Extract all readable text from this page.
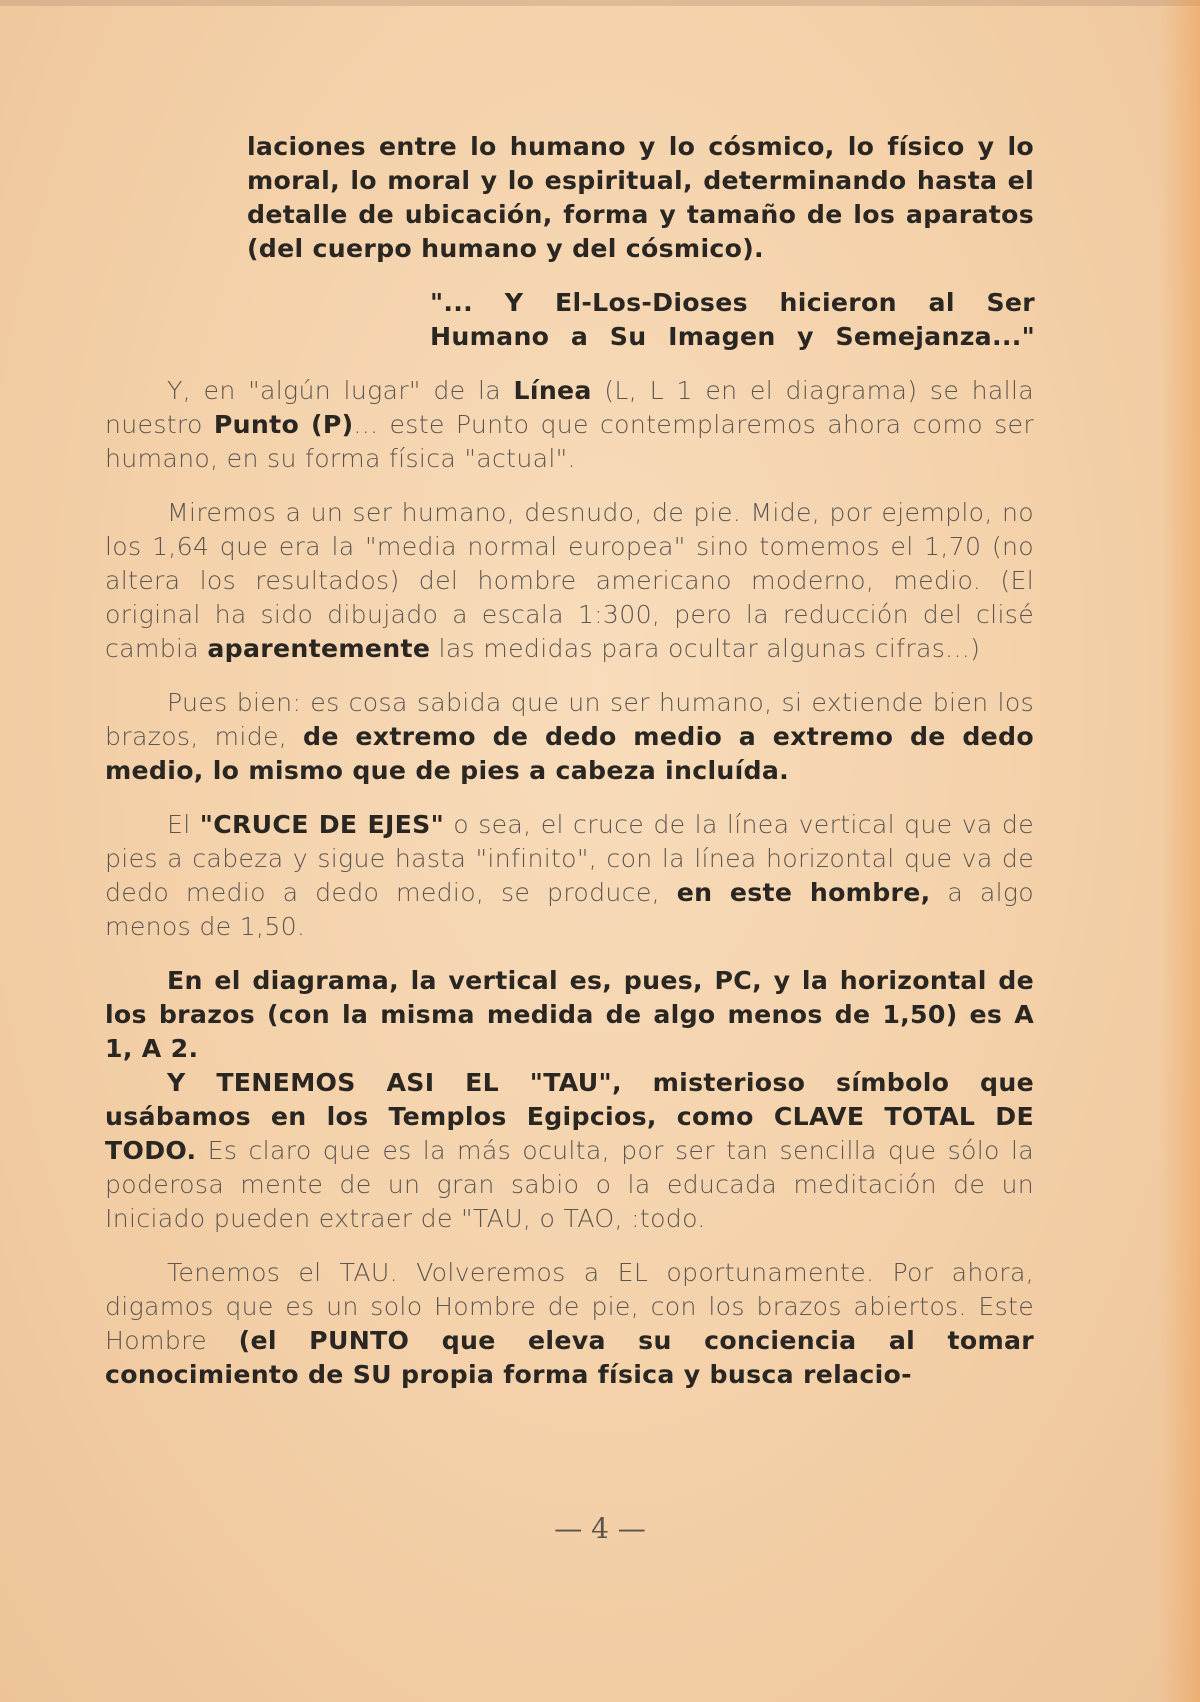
laciones entre lo humano y lo cósmico, lo físico y lo moral, lo moral y lo espiritual, determinando hasta el detalle de ubicación, forma y tamaño de los aparatos (del cuerpo humano y del cósmico).

"... Y El-Los-Dioses hicieron al Ser
Humano a Su Imagen y Semejanza..."

Y, en "algún lugar" de la Línea (L, L 1 en el diagrama) se halla nuestro Punto (P)... este Punto que contemplaremos ahora como ser humano, en su forma física "actual".

Miremos a un ser humano, desnudo, de pie. Mide, por ejemplo, no los 1,64 que era la "media normal europea" sino tomemos el 1,70 (no altera los resultados) del hombre americano moderno, medio. (El original ha sido dibujado a escala 1:300, pero la reducción del clisé cambia aparentemente las medidas para ocultar algunas cifras...)

Pues bien: es cosa sabida que un ser humano, si extiende bien los brazos, mide, de extremo de dedo medio a extremo de dedo medio, lo mismo que de pies a cabeza incluída.

El "CRUCE DE EJES" o sea, el cruce de la línea vertical que va de pies a cabeza y sigue hasta "infinito", con la línea horizontal que va de dedo medio a dedo medio, se produce, en este hombre, a algo menos de 1,50.

En el diagrama, la vertical es, pues, PC, y la horizontal de los brazos (con la misma medida de algo menos de 1,50) es A 1, A 2.

Y TENEMOS ASI EL "TAU", misterioso símbolo que usábamos en los Templos Egipcios, como CLAVE TOTAL DE TODO. Es claro que es la más oculta, por ser tan sencilla que sólo la poderosa mente de un gran sabio o la educada meditación de un Iniciado pueden extraer de "TAU, o TAO, :todo.

Tenemos el TAU. Volveremos a EL oportunamente. Por ahora, digamos que es un solo Hombre de pie, con los brazos abiertos. Este Hombre (el PUNTO que eleva su conciencia al tomar conocimiento de SU propia forma física y busca relacio-

— 4 —
